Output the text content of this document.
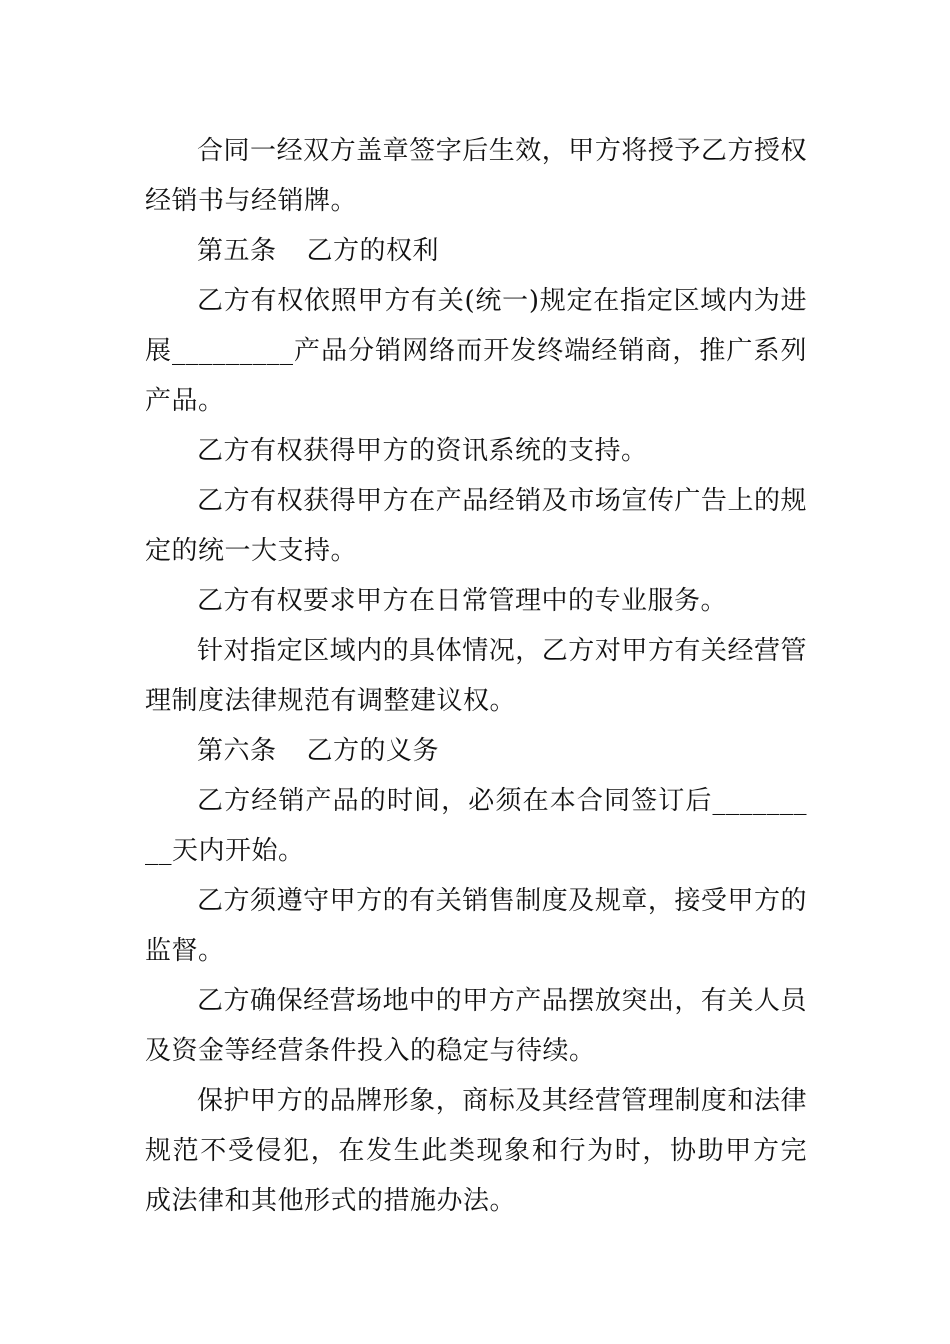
合同一经双方盖章签字后生效，甲方将授予乙方授权经销书与经销牌。

第五条 乙方的权利

乙方有权依照甲方有关(统一)规定在指定区域内为进展_________产品分销网络而开发终端经销商，推广系列产品。

乙方有权获得甲方的资讯系统的支持。

乙方有权获得甲方在产品经销及市场宣传广告上的规定的统一大支持。

乙方有权要求甲方在日常管理中的专业服务。

针对指定区域内的具体情况，乙方对甲方有关经营管理制度法律规范有调整建议权。

第六条 乙方的义务

乙方经销产品的时间，必须在本合同签订后_________天内开始。

乙方须遵守甲方的有关销售制度及规章，接受甲方的监督。

乙方确保经营场地中的甲方产品摆放突出，有关人员及资金等经营条件投入的稳定与待续。

保护甲方的品牌形象，商标及其经营管理制度和法律规范不受侵犯，在发生此类现象和行为时，协助甲方完成法律和其他形式的措施办法。
